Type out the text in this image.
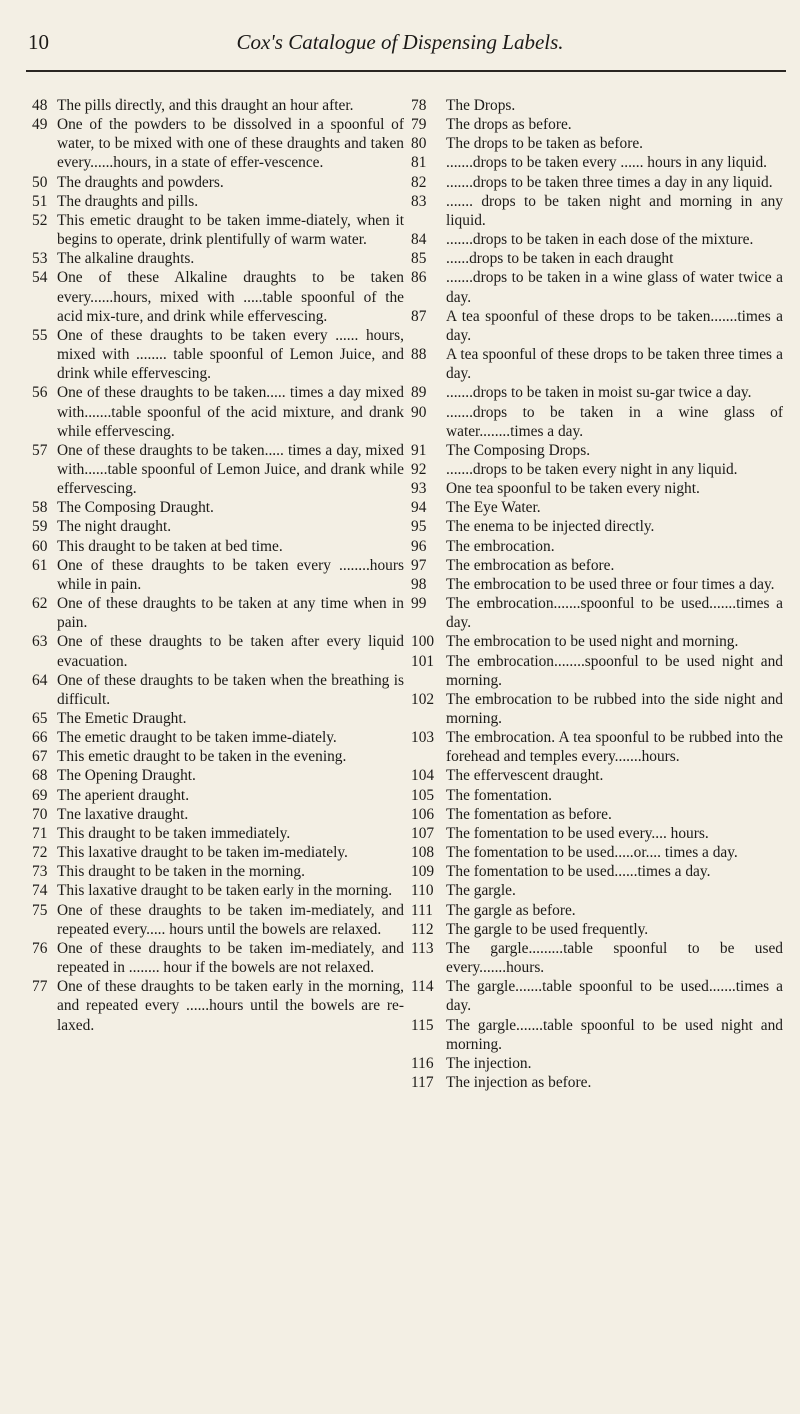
10	Cox's Catalogue of Dispensing Labels.
48 The pills directly, and this draught an hour after.
49 One of the powders to be dissolved in a spoonful of water, to be mixed with one of these draughts and taken every......hours, in a state of effer-vescence.
50 The draughts and powders.
51 The draughts and pills.
52 This emetic draught to be taken imme-diately, when it begins to operate, drink plentifully of warm water.
53 The alkaline draughts.
54 One of these Alkaline draughts to be taken every......hours, mixed with .....table spoonful of the acid mix-ture, and drink while effervescing.
55 One of these draughts to be taken every ...... hours, mixed with ........ table spoonful of Lemon Juice, and drink while effervescing.
56 One of these draughts to be taken..... times a day mixed with.......table spoonful of the acid mixture, and drank while effervescing.
57 One of these draughts to be taken..... times a day, mixed with......table spoonful of Lemon Juice, and drank while effervescing.
58 The Composing Draught.
59 The night draught.
60 This draught to be taken at bed time.
61 One of these draughts to be taken every ........hours while in pain.
62 One of these draughts to be taken at any time when in pain.
63 One of these draughts to be taken after every liquid evacuation.
64 One of these draughts to be taken when the breathing is difficult.
65 The Emetic Draught.
66 The emetic draught to be taken imme-diately.
67 This emetic draught to be taken in the evening.
68 The Opening Draught.
69 The aperient draught.
70 Tne laxative draught.
71 This draught to be taken immediately.
72 This laxative draught to be taken im-mediately.
73 This draught to be taken in the morning.
74 This laxative draught to be taken early in the morning.
75 One of these draughts to be taken im-mediately, and repeated every..... hours until the bowels are relaxed.
76 One of these draughts to be taken im-mediately, and repeated in ........ hour if the bowels are not relaxed.
77 One of these draughts to be taken early in the morning, and repeated every ......hours until the bowels are re-laxed.
78 The Drops.
79 The drops as before.
80 The drops to be taken as before.
81 .......drops to be taken every ...... hours in any liquid.
82 .......drops to be taken three times a day in any liquid.
83 ....... drops to be taken night and morning in any liquid.
84 .......drops to be taken in each dose of the mixture.
85 ......drops to be taken in each draught
86 .......drops to be taken in a wine glass of water twice a day.
87 A tea spoonful of these drops to be taken.......times a day.
88 A tea spoonful of these drops to be taken three times a day.
89 .......drops to be taken in moist su-gar twice a day.
90 .......drops to be taken in a wine glass of water........times a day.
91 The Composing Drops.
92 .......drops to be taken every night in any liquid.
93 One tea spoonful to be taken every night.
94 The Eye Water.
95 The enema to be injected directly.
96 The embrocation.
97 The embrocation as before.
98 The embrocation to be used three or four times a day.
99 The embrocation.......spoonful to be used.......times a day.
100 The embrocation to be used night and morning.
101 The embrocation........spoonful to be used night and morning.
102 The embrocation to be rubbed into the side night and morning.
103 The embrocation. A tea spoonful to be rubbed into the forehead and temples every.......hours.
104 The effervescent draught.
105 The fomentation.
106 The fomentation as before.
107 The fomentation to be used every.... hours.
108 The fomentation to be used.....or.... times a day.
109 The fomentation to be used......times a day.
110 The gargle.
111 The gargle as before.
112 The gargle to be used frequently.
113 The gargle.........table spoonful to be used every.......hours.
114 The gargle.......table spoonful to be used.......times a day.
115 The gargle.......table spoonful to be used night and morning.
116 The injection.
117 The injection as before.
